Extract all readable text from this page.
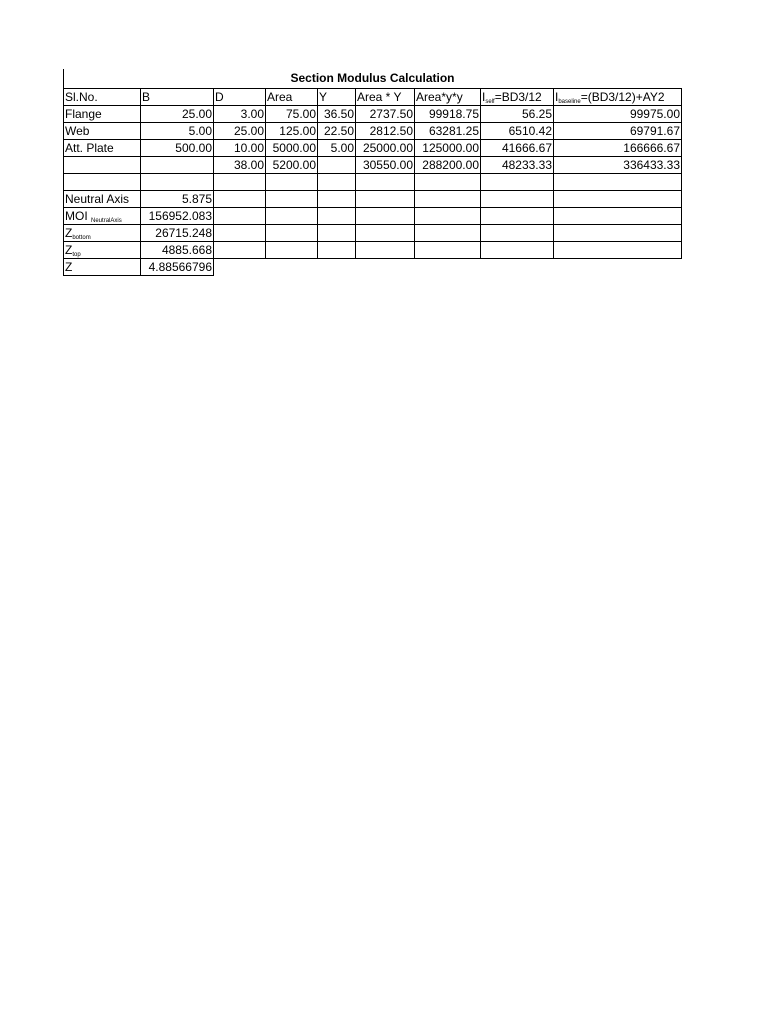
Section Modulus Calculation
Sl.No.	B	D	Area	Y	Area * Y	Area*y*y	$I_{self}=BD3/12$	$I_{baseline}=(BD3/12)+AY2$
Flange	25.00	3.00	75.00	36.50	2737.50	99918.75	56.25	99975.00
Web	5.00	25.00	125.00	22.50	2812.50	63281.25	6510.42	69791.67
Att. Plate	500.00	10.00	5000.00	5.00	25000.00	125000.00	41666.67	166666.67
		38.00	5200.00		30550.00	288200.00	48233.33	336433.33

Neutral Axis	5.875							
MOI $_{NeutralAxis}$	156952.083							
$Z_{bottom}$	26715.248							
$Z_{top}$	4885.668							
Z	4.88566796							
